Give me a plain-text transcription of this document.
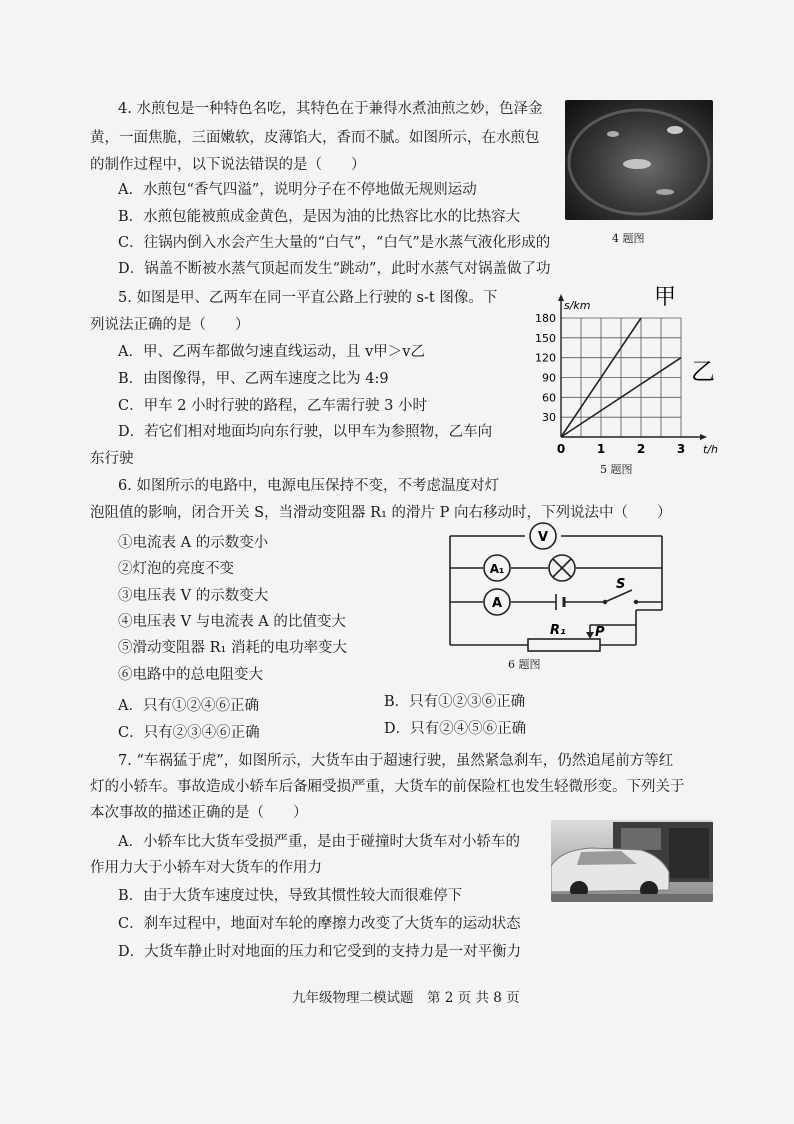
4. 水煎包是一种特色名吃，其特色在于兼得水煮油煎之妙，色泽金
黄，一面焦脆，三面嫩软，皮薄馅大，香而不腻。如图所示，在水煎包
的制作过程中，以下说法错误的是（　　）
A．水煎包“香气四溢”，说明分子在不停地做无规则运动
B．水煎包能被煎成金黄色，是因为油的比热容比水的比热容大
C．往锅内倒入水会产生大量的“白气”，“白气”是水蒸气液化形成的
D．锅盖不断被水蒸气顶起而发生“跳动”，此时水蒸气对锅盖做了功
4 题图
5. 如图是甲、乙两车在同一平直公路上行驶的 s-t 图像。下
列说法正确的是（　　）
A．甲、乙两车都做匀速直线运动，且 v甲＞v乙
B．由图像得，甲、乙两车速度之比为 4:9
C．甲车 2 小时行驶的路程，乙车需行驶 3 小时
D．若它们相对地面均向东行驶，以甲车为参照物，乙车向
东行驶
0	1	2	3
30
60
90
120
150
180
s/km
t/h
甲
乙
5 题图
6. 如图所示的电路中，电源电压保持不变，不考虑温度对灯
泡阻值的影响，闭合开关 S，当滑动变阻器 R₁ 的滑片 P 向右移动时，下列说法中（　　）
①电流表 A 的示数变小
②灯泡的亮度不变
③电压表 V 的示数变大
④电压表 V 与电流表 A 的比值变大
⑤滑动变阻器 R₁ 消耗的电功率变大
⑥电路中的总电阻变大
A．只有①②④⑥正确	B．只有①②③⑥正确
C．只有②③④⑥正确	D．只有②④⑤⑥正确
V
A₁
A
S
R₁ P
6 题图
7. “车祸猛于虎”，如图所示，大货车由于超速行驶，虽然紧急刹车，仍然追尾前方等红
灯的小轿车。事故造成小轿车后备厢受损严重，大货车的前保险杠也发生轻微形变。下列关于
本次事故的描述正确的是（　　）
A．小轿车比大货车受损严重，是由于碰撞时大货车对小轿车的
作用力大于小轿车对大货车的作用力
B．由于大货车速度过快，导致其惯性较大而很难停下
C．刹车过程中，地面对车轮的摩擦力改变了大货车的运动状态
D．大货车静止时对地面的压力和它受到的支持力是一对平衡力
九年级物理二模试题　第 2 页 共 8 页
